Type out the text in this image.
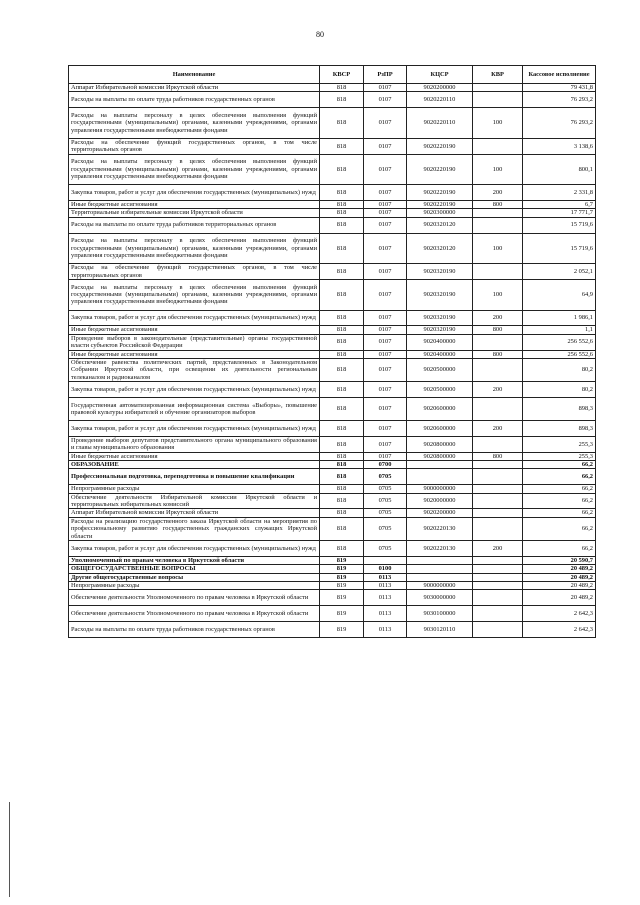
80
Наименование	КВСР	РзПР	КЦСР	КВР	Кассовое исполнение
Аппарат Избирательной комиссии Иркутской области	818	0107	9020200000		79 431,8
Расходы на выплаты по оплате труда работников государственных органов	818	0107	9020220110		76 293,2
Расходы на выплаты персоналу в целях обеспечения выполнения функций государственными (муниципальными) органами, казенными учреждениями, органами управления государственными внебюджетными фондами	818	0107	9020220110	100	76 293,2
Расходы на обеспечение функций государственных органов, в том числе территориальных органов	818	0107	9020220190		3 138,6
Расходы на выплаты персоналу в целях обеспечения выполнения функций государственными (муниципальными) органами, казенными учреждениями, органами управления государственными внебюджетными фондами	818	0107	9020220190	100	800,1
Закупка товаров, работ и услуг для обеспечения государственных (муниципальных) нужд	818	0107	9020220190	200	2 331,8
Иные бюджетные ассигнования	818	0107	9020220190	800	6,7
Территориальные избирательные комиссии Иркутской области	818	0107	9020300000		17 771,7
Расходы на выплаты по оплате труда работников территориальных органов	818	0107	9020320120		15 719,6
Расходы на выплаты персоналу в целях обеспечения выполнения функций государственными (муниципальными) органами, казенными учреждениями, органами управления государственными внебюджетными фондами	818	0107	9020320120	100	15 719,6
Расходы на обеспечение функций государственных органов, в том числе территориальных органов	818	0107	9020320190		2 052,1
Расходы на выплаты персоналу в целях обеспечения выполнения функций государственными (муниципальными) органами, казенными учреждениями, органами управления государственными внебюджетными фондами	818	0107	9020320190	100	64,9
Закупка товаров, работ и услуг для обеспечения государственных (муниципальных) нужд	818	0107	9020320190	200	1 986,1
Иные бюджетные ассигнования	818	0107	9020320190	800	1,1
Проведение выборов в законодательные (представительные) органы государственной власти субъектов Российской Федерации	818	0107	9020400000		256 552,6
Иные бюджетные ассигнования	818	0107	9020400000	800	256 552,6
Обеспечение равенства политических партий, представленных в Законодательном Собрании Иркутской области, при освещении их деятельности региональным телеканалом и радиоканалом	818	0107	9020500000		80,2
Закупка товаров, работ и услуг для обеспечения государственных (муниципальных) нужд	818	0107	9020500000	200	80,2
Государственная автоматизированная информационная система «Выборы», повышение правовой культуры избирателей и обучение организаторов выборов	818	0107	9020600000		898,3
Закупка товаров, работ и услуг для обеспечения государственных (муниципальных) нужд	818	0107	9020600000	200	898,3
Проведение выборов депутатов представительного органа муниципального образования и главы муниципального образования	818	0107	9020800000		255,3
Иные бюджетные ассигнования	818	0107	9020800000	800	255,3
ОБРАЗОВАНИЕ	818	0700			66,2
Профессиональная подготовка, переподготовка и повышение квалификации	818	0705			66,2
Непрограммные расходы	818	0705	9000000000		66,2
Обеспечение деятельности Избирательной комиссии Иркутской области и территориальных избирательных комиссий	818	0705	9020000000		66,2
Аппарат Избирательной комиссии Иркутской области	818	0705	9020200000		66,2
Расходы на реализацию государственного заказа Иркутской области на мероприятия по профессиональному развитию государственных гражданских служащих Иркутской области	818	0705	9020220130		66,2
Закупка товаров, работ и услуг для обеспечения государственных (муниципальных) нужд	818	0705	9020220130	200	66,2
Уполномоченный по правам человека в Иркутской области	819				20 590,7
ОБЩЕГОСУДАРСТВЕННЫЕ ВОПРОСЫ	819	0100			20 489,2
Другие общегосударственные вопросы	819	0113			20 489,2
Непрограммные расходы	819	0113	9000000000		20 489,2
Обеспечение деятельности Уполномоченного по правам человека в Иркутской области	819	0113	9030000000		20 489,2
Обеспечение деятельности Уполномоченного по правам человека в Иркутской области	819	0113	9030100000		2 642,3
Расходы на выплаты по оплате труда работников государственных органов	819	0113	9030120110		2 642,3
